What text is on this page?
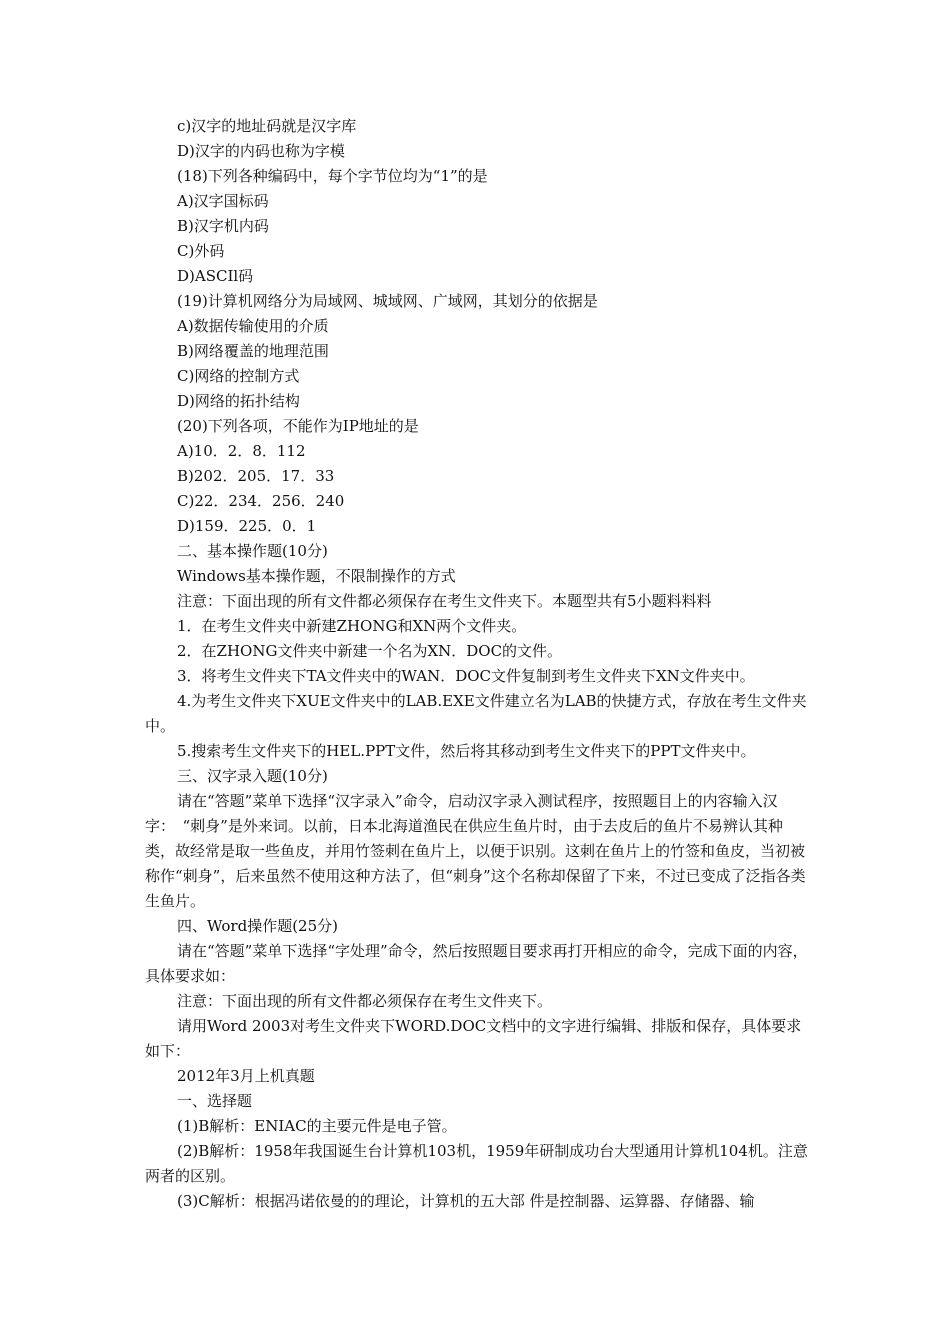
c)汉字的地址码就是汉字库

D)汉字的内码也称为字模

(18)下列各种编码中，每个字节位均为“1”的是

A)汉字国标码

B)汉字机内码

C)外码

D)ASCIl码

(19)计算机网络分为局域网、城域网、广域网，其划分的依据是

A)数据传输使用的介质

B)网络覆盖的地理范围

C)网络的控制方式

D)网络的拓扑结构

(20)下列各项，不能作为IP地址的是

A)10．2．8．112

B)202．205．17．33

C)22．234．256．240

D)159．225．0．1

二、基本操作题(10分)

Windows基本操作题，不限制操作的方式

注意：下面出现的所有文件都必须保存在考生文件夹下。本题型共有5小题料料料

1．在考生文件夹中新建ZHONG和XN两个文件夹。

2．在ZHONG文件夹中新建一个名为XN．DOC的文件。

3．将考生文件夹下TA文件夹中的WAN．DOC文件复制到考生文件夹下XN文件夹中。

4.为考生文件夹下XUE文件夹中的LAB.EXE文件建立名为LAB的快捷方式，存放在考生文件夹中。

5.搜索考生文件夹下的HEL.PPT文件，然后将其移动到考生文件夹下的PPT文件夹中。

三、汉字录入题(10分)

请在“答题”菜单下选择“汉字录入”命令，启动汉字录入测试程序，按照题目上的内容输入汉字：　“刺身”是外来词。以前，日本北海道渔民在供应生鱼片时，由于去皮后的鱼片不易辨认其种类，故经常是取一些鱼皮，并用竹签刺在鱼片上，以便于识别。这刺在鱼片上的竹签和鱼皮，当初被称作“刺身”，后来虽然不使用这种方法了，但“刺身”这个名称却保留了下来，不过已变成了泛指各类生鱼片。

四、Word操作题(25分)

请在“答题”菜单下选择“字处理”命令，然后按照题目要求再打开相应的命令，完成下面的内容，具体要求如：

注意：下面出现的所有文件都必须保存在考生文件夹下。

请用Word 2003对考生文件夹下WORD.DOC文档中的文字进行编辑、排版和保存，具体要求如下：

2012年3月上机真题

一、选择题

(1)B解析：ENIAC的主要元件是电子管。

(2)B解析：1958年我国诞生台计算机103机，1959年研制成功台大型通用计算机104机。注意两者的区别。

(3)C解析：根据冯诺依曼的的理论，计算机的五大部 件是控制器、运算器、存储器、输
